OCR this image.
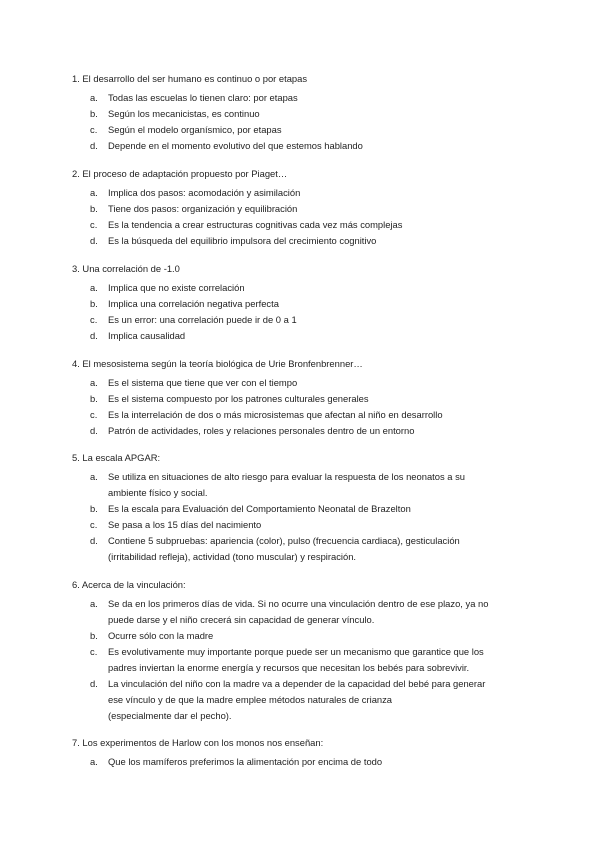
1. El desarrollo del ser humano es continuo o por etapas
a.	Todas las escuelas lo tienen claro: por etapas
b.	Según los mecanicistas, es continuo
c.	Según el modelo organísmico, por etapas
d.	Depende en el momento evolutivo del que estemos hablando
2. El proceso de adaptación propuesto por Piaget…
a.	Implica dos pasos: acomodación y asimilación
b.	Tiene dos pasos: organización y equilibración
c.	Es la tendencia a crear estructuras cognitivas cada vez más complejas
d.	Es la búsqueda del equilibrio impulsora del crecimiento cognitivo
3. Una correlación de -1.0
a.	Implica que no existe correlación
b.	Implica una correlación negativa perfecta
c.	Es un error: una correlación puede ir de 0 a 1
d.	Implica causalidad
4. El mesosistema según la teoría biológica de Urie Bronfenbrenner…
a.	Es el sistema que tiene que ver con el tiempo
b.	Es el sistema compuesto por los patrones culturales generales
c.	Es la interrelación de dos o más microsistemas que afectan al niño en desarrollo
d.	Patrón de actividades, roles y relaciones personales dentro de un entorno
5. La escala APGAR:
a.	Se utiliza en situaciones de alto riesgo para evaluar la respuesta de los neonatos a su
ambiente físico y social.
b.	Es la escala para Evaluación del Comportamiento Neonatal de Brazelton
c.	Se pasa a los 15 días del nacimiento
d.	Contiene 5 subpruebas: apariencia (color), pulso (frecuencia cardiaca), gesticulación
(irritabilidad refleja), actividad (tono muscular) y respiración.
6. Acerca de la vinculación:
a.	Se da en los primeros días de vida. Si no ocurre una vinculación dentro de ese plazo, ya no
puede darse y el niño crecerá sin capacidad de generar vínculo.
b.	Ocurre sólo con la madre
c.	Es evolutivamente muy importante porque puede ser un mecanismo que garantice que los
padres inviertan la enorme energía y recursos que necesitan los bebés para sobrevivir.
d.	La vinculación del niño con la madre va a depender de la capacidad del bebé para generar
ese vínculo y de que la madre emplee métodos naturales de crianza
(especialmente dar el pecho).
7. Los experimentos de Harlow con los monos nos enseñan:
a.	Que los mamíferos preferimos la alimentación por encima de todo
